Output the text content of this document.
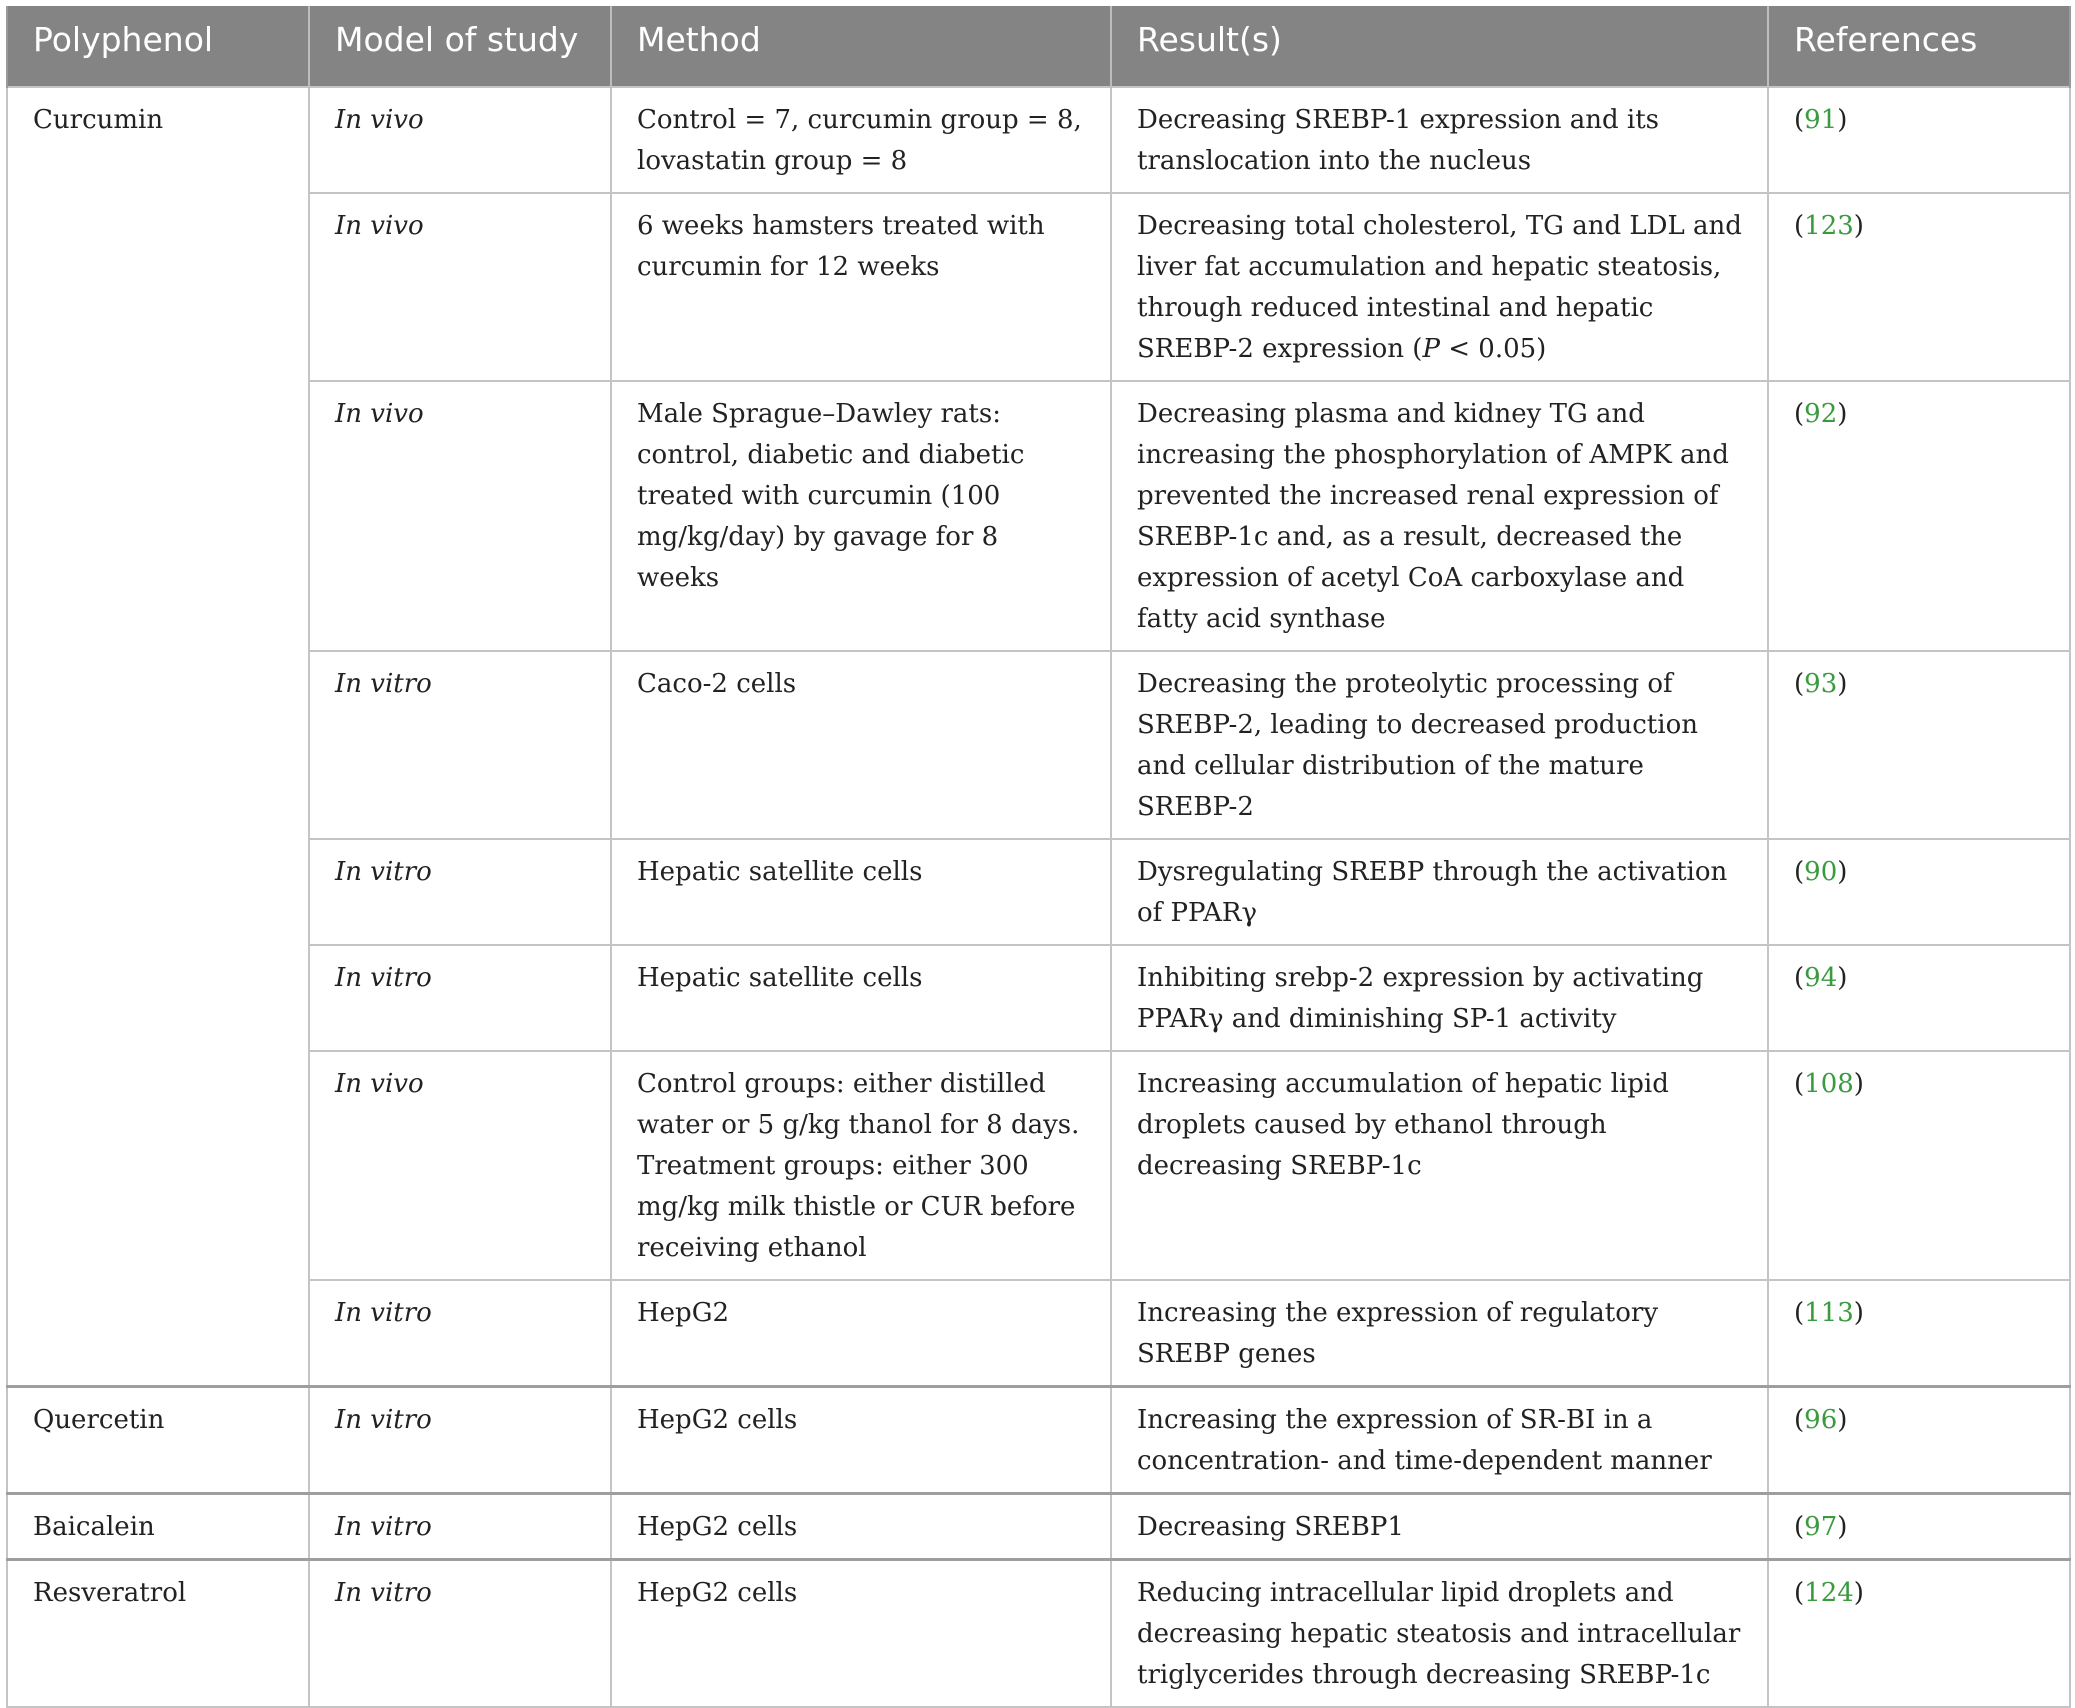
Polyphenol	Model of study	Method	Result(s)	References
Curcumin	In vivo	Control = 7, curcumin group = 8, lovastatin group = 8	Decreasing SREBP-1 expression and its translocation into the nucleus	(91)
	In vivo	6 weeks hamsters treated with curcumin for 12 weeks	Decreasing total cholesterol, TG and LDL and liver fat accumulation and hepatic steatosis, through reduced intestinal and hepatic SREBP-2 expression (P < 0.05)	(123)
	In vivo	Male Sprague–Dawley rats: control, diabetic and diabetic treated with curcumin (100 mg/kg/day) by gavage for 8 weeks	Decreasing plasma and kidney TG and increasing the phosphorylation of AMPK and prevented the increased renal expression of SREBP-1c and, as a result, decreased the expression of acetyl CoA carboxylase and fatty acid synthase	(92)
	In vitro	Caco-2 cells	Decreasing the proteolytic processing of SREBP-2, leading to decreased production and cellular distribution of the mature SREBP-2	(93)
	In vitro	Hepatic satellite cells	Dysregulating SREBP through the activation of PPARγ	(90)
	In vitro	Hepatic satellite cells	Inhibiting srebp-2 expression by activating PPARγ and diminishing SP-1 activity	(94)
	In vivo	Control groups: either distilled water or 5 g/kg thanol for 8 days. Treatment groups: either 300 mg/kg milk thistle or CUR before receiving ethanol	Increasing accumulation of hepatic lipid droplets caused by ethanol through decreasing SREBP-1c	(108)
	In vitro	HepG2	Increasing the expression of regulatory SREBP genes	(113)
Quercetin	In vitro	HepG2 cells	Increasing the expression of SR-BI in a concentration- and time-dependent manner	(96)
Baicalein	In vitro	HepG2 cells	Decreasing SREBP1	(97)
Resveratrol	In vitro	HepG2 cells	Reducing intracellular lipid droplets and decreasing hepatic steatosis and intracellular triglycerides through decreasing SREBP-1c	(124)
